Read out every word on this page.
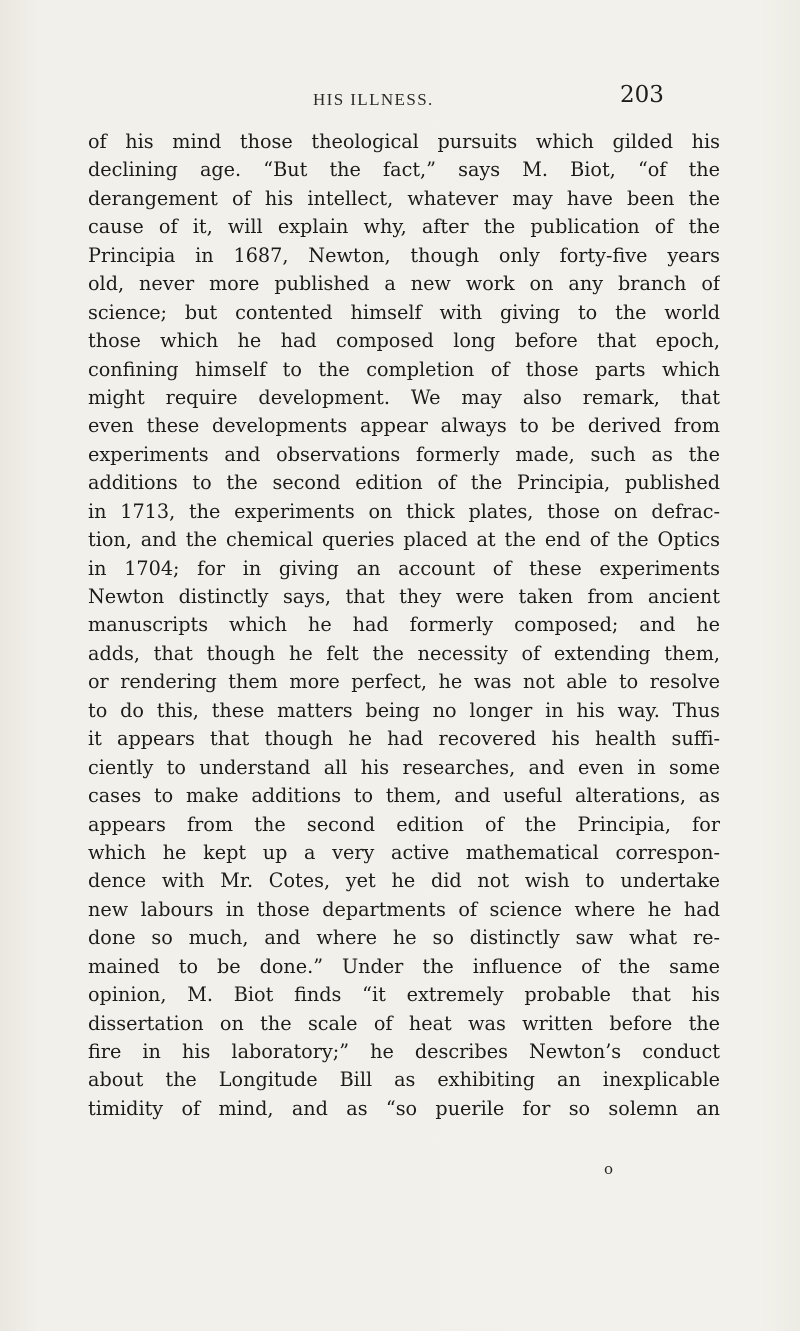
HIS ILLNESS.	203
of his mind those theological pursuits which gilded his
declining age. “But the fact,” says M. Biot, “of the
derangement of his intellect, whatever may have been the
cause of it, will explain why, after the publication of the
Principia in 1687, Newton, though only forty-five years
old, never more published a new work on any branch of
science; but contented himself with giving to the world
those which he had composed long before that epoch,
confining himself to the completion of those parts which
might require development. We may also remark, that
even these developments appear always to be derived from
experiments and observations formerly made, such as the
additions to the second edition of the Principia, published
in 1713, the experiments on thick plates, those on defrac-
tion, and the chemical queries placed at the end of the Optics
in 1704; for in giving an account of these experiments
Newton distinctly says, that they were taken from ancient
manuscripts which he had formerly composed; and he
adds, that though he felt the necessity of extending them,
or rendering them more perfect, he was not able to resolve
to do this, these matters being no longer in his way. Thus
it appears that though he had recovered his health suffi-
ciently to understand all his researches, and even in some
cases to make additions to them, and useful alterations, as
appears from the second edition of the Principia, for
which he kept up a very active mathematical correspon-
dence with Mr. Cotes, yet he did not wish to undertake
new labours in those departments of science where he had
done so much, and where he so distinctly saw what re-
mained to be done.” Under the influence of the same
opinion, M. Biot finds “it extremely probable that his
dissertation on the scale of heat was written before the
fire in his laboratory;” he describes Newton’s conduct
about the Longitude Bill as exhibiting an inexplicable
timidity of mind, and as “so puerile for so solemn an
o
